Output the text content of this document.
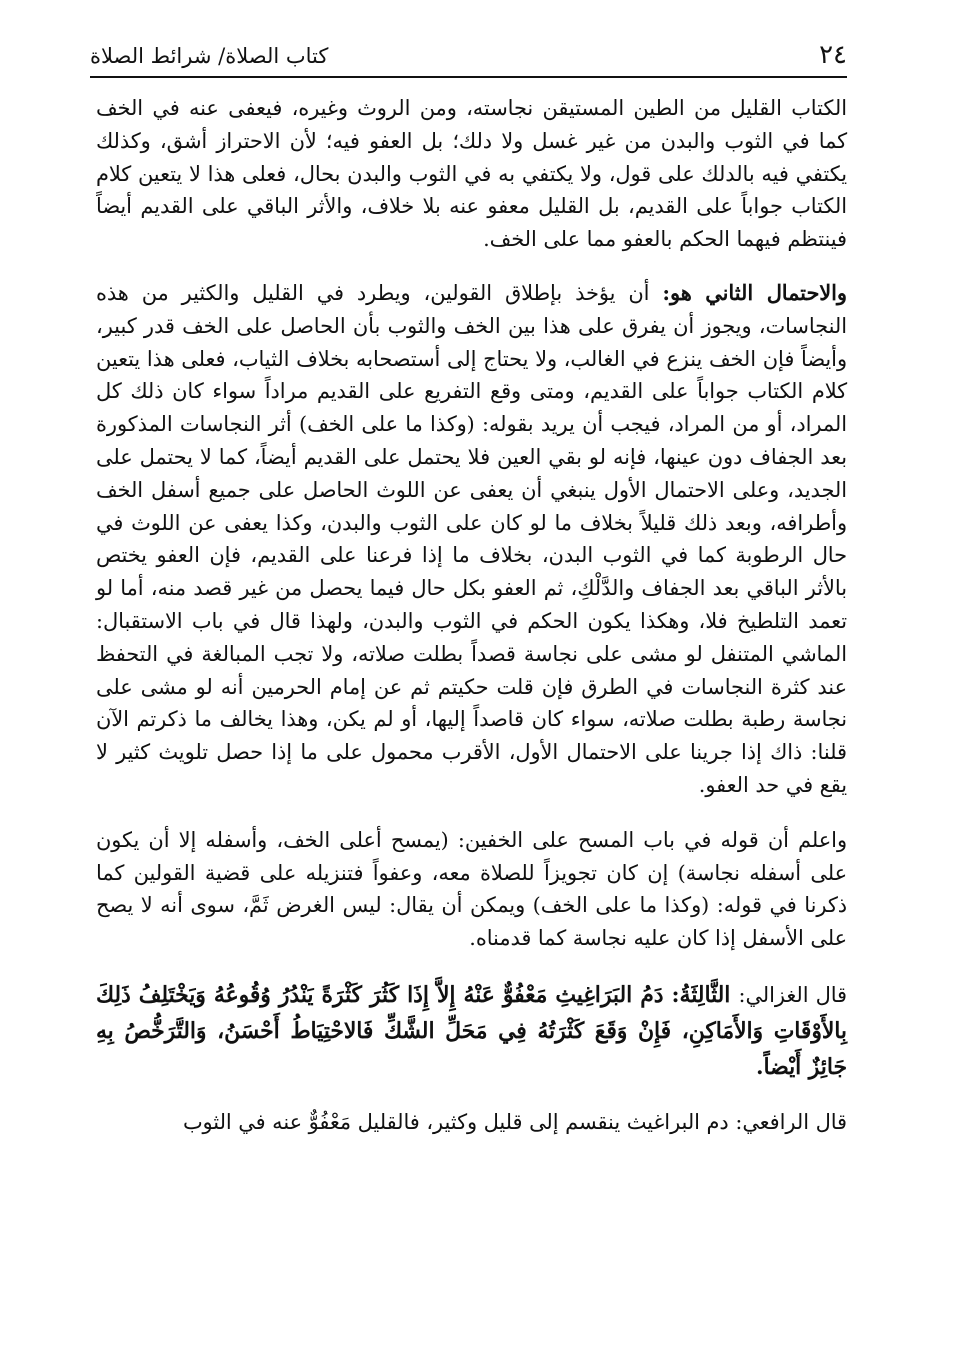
٢٤
كتاب الصلاة/ شرائط الصلاة

الكتاب القليل من الطين المستيقن نجاسته، ومن الروث وغيره، فيعفى عنه في الخف كما في الثوب والبدن من غير غسل ولا دلك؛ بل العفو فيه؛ لأن الاحتراز أشق، وكذلك يكتفي فيه بالدلك على قول، ولا يكتفي به في الثوب والبدن بحال، فعلى هذا لا يتعين كلام الكتاب جواباً على القديم، بل القليل معفو عنه بلا خلاف، والأثر الباقي على القديم أيضاً فينتظم فيهما الحكم بالعفو مما على الخف.

والاحتمال الثاني هو: أن يؤخذ بإطلاق القولين، ويطرد في القليل والكثير من هذه النجاسات، ويجوز أن يفرق على هذا بين الخف والثوب بأن الحاصل على الخف قدر كبير، وأيضاً فإن الخف ينزع في الغالب، ولا يحتاج إلى أستصحابه بخلاف الثياب، فعلى هذا يتعين كلام الكتاب جواباً على القديم، ومتى وقع التفريع على القديم مراداً سواء كان ذلك كل المراد، أو من المراد، فيجب أن يريد بقوله: (وكذا ما على الخف) أثر النجاسات المذكورة بعد الجفاف دون عينها، فإنه لو بقي العين فلا يحتمل على القديم أيضاً، كما لا يحتمل على الجديد، وعلى الاحتمال الأول ينبغي أن يعفى عن اللوث الحاصل على جميع أسفل الخف وأطرافه، وبعد ذلك قليلاً بخلاف ما لو كان على الثوب والبدن، وكذا يعفى عن اللوث في حال الرطوبة كما في الثوب البدن، بخلاف ما إذا فرعنا على القديم، فإن العفو يختص بالأثر الباقي بعد الجفاف والدَّلْكِ، ثم العفو بكل حال فيما يحصل من غير قصد منه، أما لو تعمد التلطيخ فلا، وهكذا يكون الحكم في الثوب والبدن، ولهذا قال في باب الاستقبال: الماشي المتنفل لو مشى على نجاسة قصداً بطلت صلاته، ولا تجب المبالغة في التحفظ عند كثرة النجاسات في الطرق فإن قلت حكيتم ثم عن إمام الحرمين أنه لو مشى على نجاسة رطبة بطلت صلاته، سواء كان قاصداً إليها، أو لم يكن، وهذا يخالف ما ذكرتم الآن قلنا: ذاك إذا جرينا على الاحتمال الأول، الأقرب محمول على ما إذا حصل تلويث كثير لا يقع في حد العفو.

واعلم أن قوله في باب المسح على الخفين: (يمسح أعلى الخف، وأسفله إلا أن يكون على أسفله نجاسة) إن كان تجويزاً للصلاة معه، وعفواً فتنزيله على قضية القولين كما ذكرنا في قوله: (وكذا ما على الخف) ويمكن أن يقال: ليس الغرض ثَمَّ، سوى أنه لا يصح على الأسفل إذا كان عليه نجاسة كما قدمناه.

قال الغزالي: الثَّالِثَةُ: دَمُ البَرَاغِيثِ مَعْفُوٌّ عَنْهُ إِلاَّ إِذَا كَثُرَ كَثْرَةً يَنْدُرُ وُقُوعُهُ وَيَخْتَلِفُ ذَلِكَ بِالأَوْقَاتِ وَالأَمَاكِنِ، فَإِنْ وَقَعَ كَثْرَتُهُ فِي مَحَلِّ الشَّكِّ فَالاحْتِيَاطُ أَحْسَنُ، وَالتَّرَخُّصُ بِهِ جَائِزٌ أَيْضاً.

قال الرافعي: دم البراغيث ينقسم إلى قليل وكثير، فالقليل مَعْفُوٌّ عنه في الثوب
